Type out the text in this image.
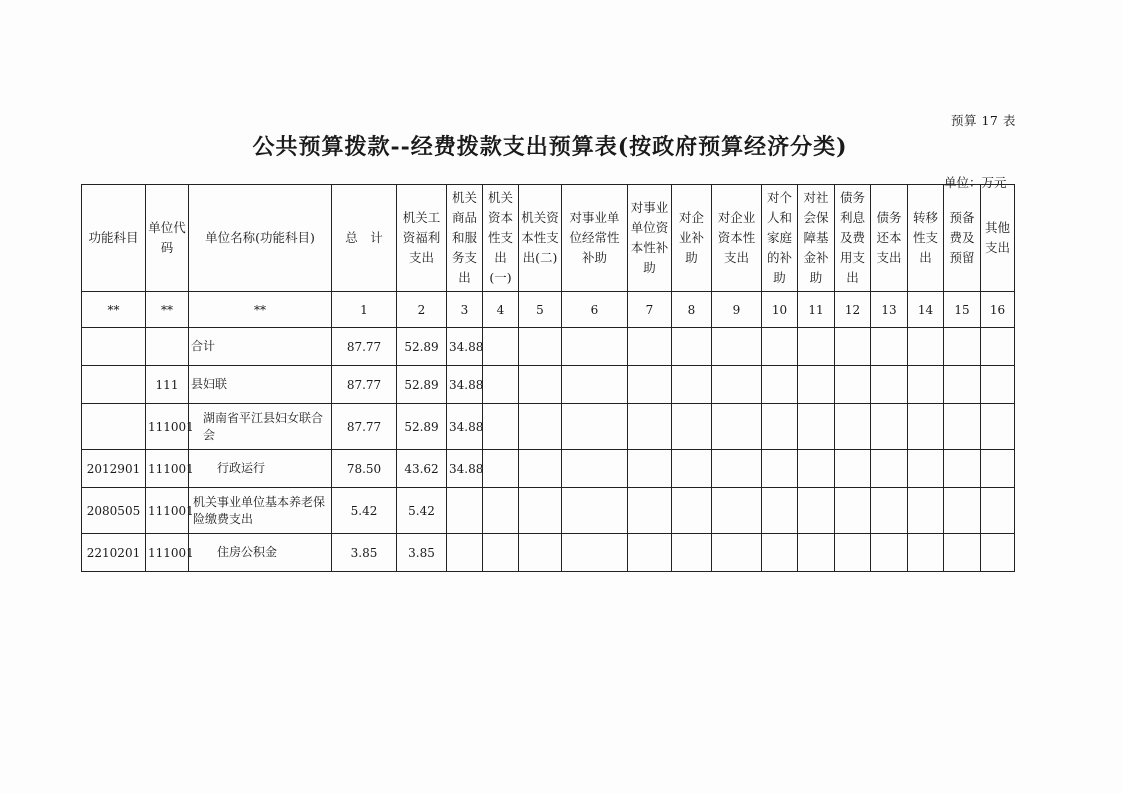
预算 17 表
公共预算拨款--经费拨款支出预算表(按政府预算经济分类)
单位：万元
功能科目	单位代码	单位名称(功能科目)	总　计	机关工资福利支出	机关商品和服务支出	机关资本性支出(一)	机关资本性支出(二)	对事业单位经常性补助	对事业单位资本性补助	对企业补助	对企业资本性支出	对个人和家庭的补助	对社会保障基金补助	债务利息及费用支出	债务还本支出	转移性支出	预备费及预留	其他支出
**	**	**	1	2	3	4	5	6	7	8	9	10	11	12	13	14	15	16
		合计	87.77	52.89	34.88													
	111	县妇联	87.77	52.89	34.88													
	111001	湖南省平江县妇女联合会	87.77	52.89	34.88													
2012901	111001	行政运行	78.50	43.62	34.88													
2080505	111001	机关事业单位基本养老保险缴费支出	5.42	5.42														
2210201	111001	住房公积金	3.85	3.85														
